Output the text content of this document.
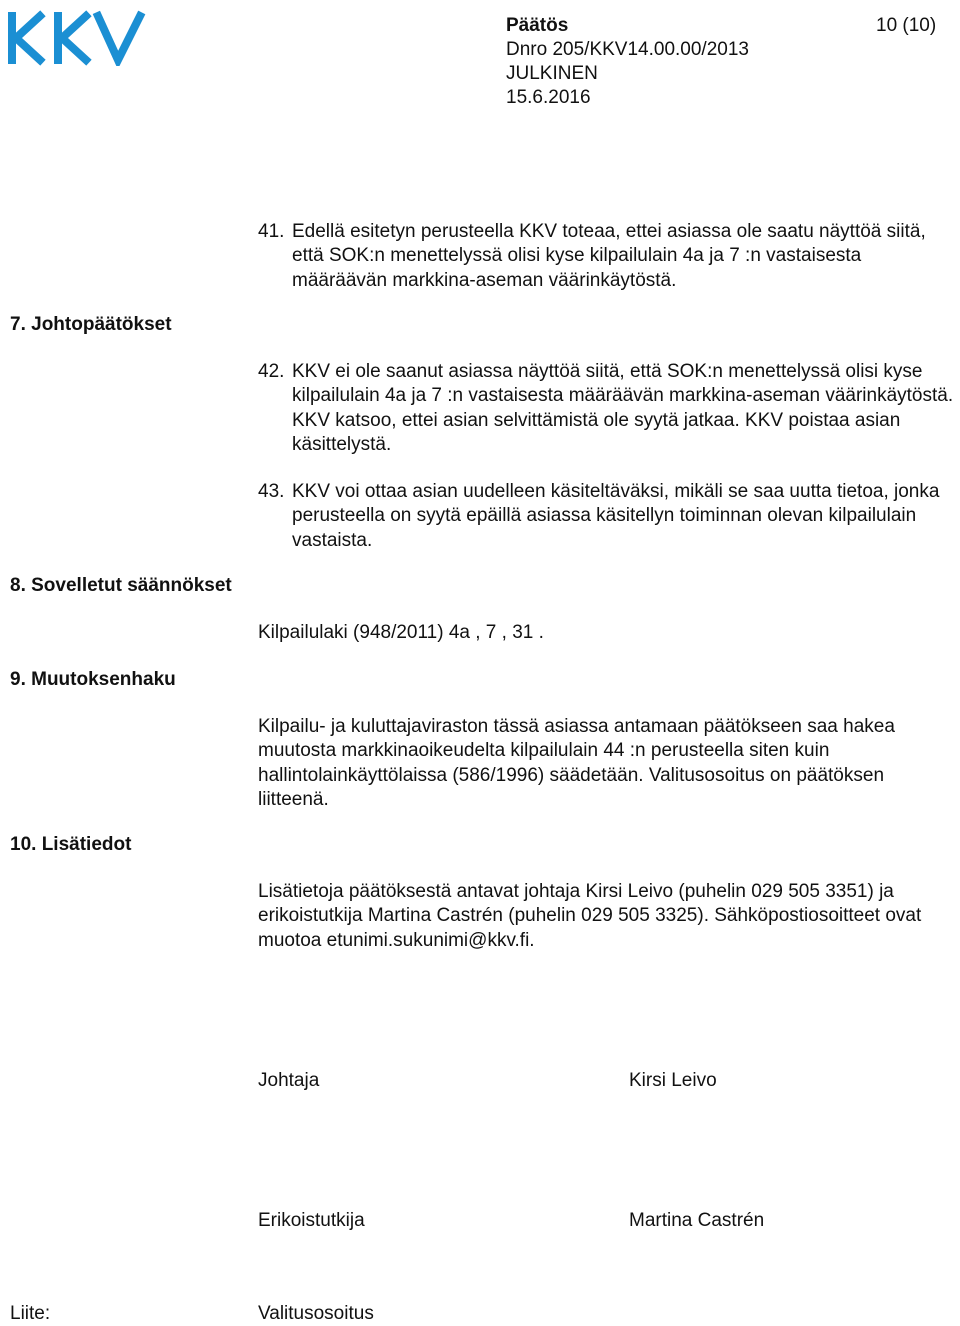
KKV
Päätös
Dnro 205/KKV14.00.00/2013
JULKINEN
15.6.2016
10 (10)
41. Edellä esitetyn perusteella KKV toteaa, ettei asiassa ole saatu näyttöä siitä, että SOK:n menettelyssä olisi kyse kilpailulain 4a ja 7 :n vastaisesta määräävän markkina-aseman väärinkäytöstä.
7. Johtopäätökset
8. Sovelletut säännökset
9. Muutoksenhaku
10. Lisätiedot
42. KKV ei ole saanut asiassa näyttöä siitä, että SOK:n menettelyssä olisi kyse kilpailulain 4a ja 7 :n vastaisesta määräävän markkina-aseman väärinkäytöstä. KKV katsoo, ettei asian selvittämistä ole syytä jatkaa. KKV poistaa asian käsittelystä.
43. KKV voi ottaa asian uudelleen käsiteltäväksi, mikäli se saa uutta tietoa, jonka perusteella on syytä epäillä asiassa käsitellyn toiminnan olevan kilpailulain vastaista.
Kilpailulaki (948/2011) 4a , 7 , 31 .
Kilpailu- ja kuluttajaviraston tässä asiassa antamaan päätökseen saa hakea muutosta markkinaoikeudelta kilpailulain 44 :n perusteella siten kuin hallintolainkäyttölaissa (586/1996) säädetään. Valitusosoitus on päätöksen liitteenä.
Lisätietoja päätöksestä antavat johtaja Kirsi Leivo (puhelin 029 505 3351) ja erikoistutkija Martina Castrén (puhelin 029 505 3325). Sähköpostiosoitteet ovat muotoa etunimi.sukunimi@kkv.fi.
Johtaja	Kirsi Leivo
Erikoistutkija	Martina Castrén
Liite:	Valitusosoitus
